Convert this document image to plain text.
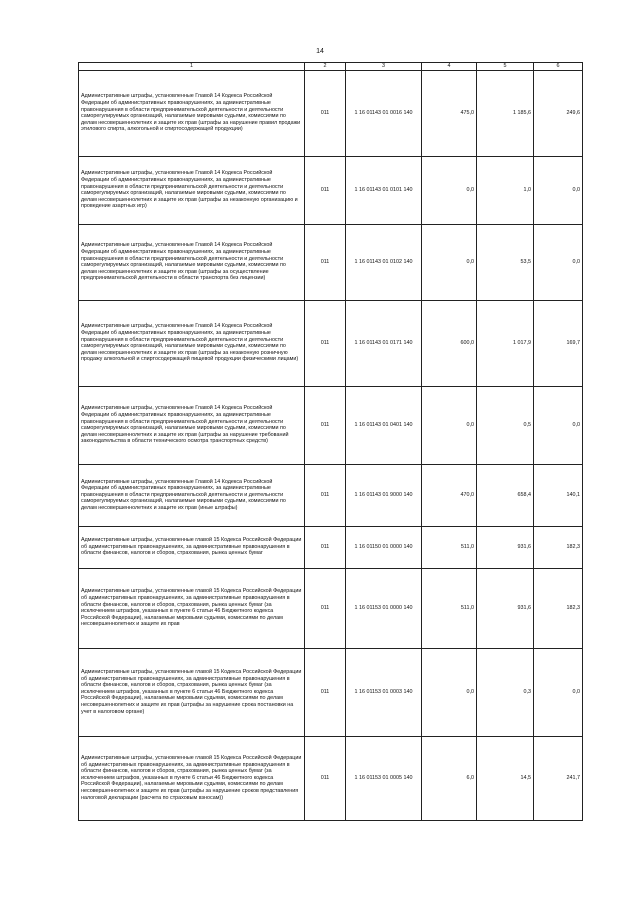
14
1	2	3	4	5	6
Административные штрафы, установленные Главой 14 Кодекса Российской Федерации об административных правонарушениях, за административные правонарушения в области предпринимательской деятельности и деятельности саморегулируемых организаций, налагаемые мировыми судьями, комиссиями по делам несовершеннолетних и защите их прав (штрафы за нарушение правил продажи этилового спирта, алкогольной и спиртосодержащей продукции)	011	1 16 01143 01 0016 140	475,0	1 185,6	249,6
Административные штрафы, установленные Главой 14 Кодекса Российской Федерации об административных правонарушениях, за административные правонарушения в области предпринимательской деятельности и деятельности саморегулируемых организаций, налагаемые мировыми судьями, комиссиями по делам несовершеннолетних и защите их прав (штрафы за незаконную организацию и проведение азартных игр)	011	1 16 01143 01 0101 140	0,0	1,0	0,0
Административные штрафы, установленные Главой 14 Кодекса Российской Федерации об административных правонарушениях, за административные правонарушения в области предпринимательской деятельности и деятельности саморегулируемых организаций, налагаемые мировыми судьями, комиссиями по делам несовершеннолетних и защите их прав (штрафы за осуществление предпринимательской деятельности в области транспорта без лицензии)	011	1 16 01143 01 0102 140	0,0	53,5	0,0
Административные штрафы, установленные Главой 14 Кодекса Российской Федерации об административных правонарушениях, за административные правонарушения в области предпринимательской деятельности и деятельности саморегулируемых организаций, налагаемые мировыми судьями, комиссиями по делам несовершеннолетних и защите их прав (штрафы за незаконную розничную продажу алкогольной и спиртосодержащей пищевой продукции физическими лицами)	011	1 16 01143 01 0171 140	600,0	1 017,9	169,7
Административные штрафы, установленные Главой 14 Кодекса Российской Федерации об административных правонарушениях, за административные правонарушения в области предпринимательской деятельности и деятельности саморегулируемых организаций, налагаемые мировыми судьями, комиссиями по делам несовершеннолетних и защите их прав (штрафы за нарушение требований законодательства в области технического осмотра транспортных средств)	011	1 16 01143 01 0401 140	0,0	0,5	0,0
Административные штрафы, установленные Главой 14 Кодекса Российской Федерации об административных правонарушениях, за административные правонарушения в области предпринимательской деятельности и деятельности саморегулируемых организаций, налагаемые мировыми судьями, комиссиями по делам несовершеннолетних и защите их прав (иные штрафы)	011	1 16 01143 01 9000 140	470,0	658,4	140,1
Административные штрафы, установленные главой 15 Кодекса Российской Федерации об административных правонарушениях, за административные правонарушения в области финансов, налогов и сборов, страхования, рынка ценных бумаг	011	1 16 01150 01 0000 140	511,0	931,6	182,3
Административные штрафы, установленные главой 15 Кодекса Российской Федерации об административных правонарушениях, за административные правонарушения в области финансов, налогов и сборов, страхования, рынка ценных бумаг (за исключением штрафов, указанных в пункте 6 статьи 46 Бюджетного кодекса Российской Федерации), налагаемые мировыми судьями, комиссиями по делам несовершеннолетних и защите их прав	011	1 16 01153 01 0000 140	511,0	931,6	182,3
Административные штрафы, установленные главой 15 Кодекса Российской Федерации об административных правонарушениях, за административные правонарушения в области финансов, налогов и сборов, страхования, рынка ценных бумаг (за исключением штрафов, указанных в пункте 6 статьи 46 Бюджетного кодекса Российской Федерации), налагаемые мировыми судьями, комиссиями по делам несовершеннолетних и защите их прав (штрафы за нарушение срока постановки на учет в налоговом органе)	011	1 16 01153 01 0003 140	0,0	0,3	0,0
Административные штрафы, установленные главой 15 Кодекса Российской Федерации об административных правонарушениях, за административные правонарушения в области финансов, налогов и сборов, страхования, рынка ценных бумаг (за исключением штрафов, указанных в пункте 6 статьи 46 Бюджетного кодекса Российской Федерации), налагаемые мировыми судьями, комиссиями по делам несовершеннолетних и защите их прав (штрафы за нарушение сроков представления налоговой декларации (расчета по страховым взносам))	011	1 16 01153 01 0005 140	6,0	14,5	241,7
